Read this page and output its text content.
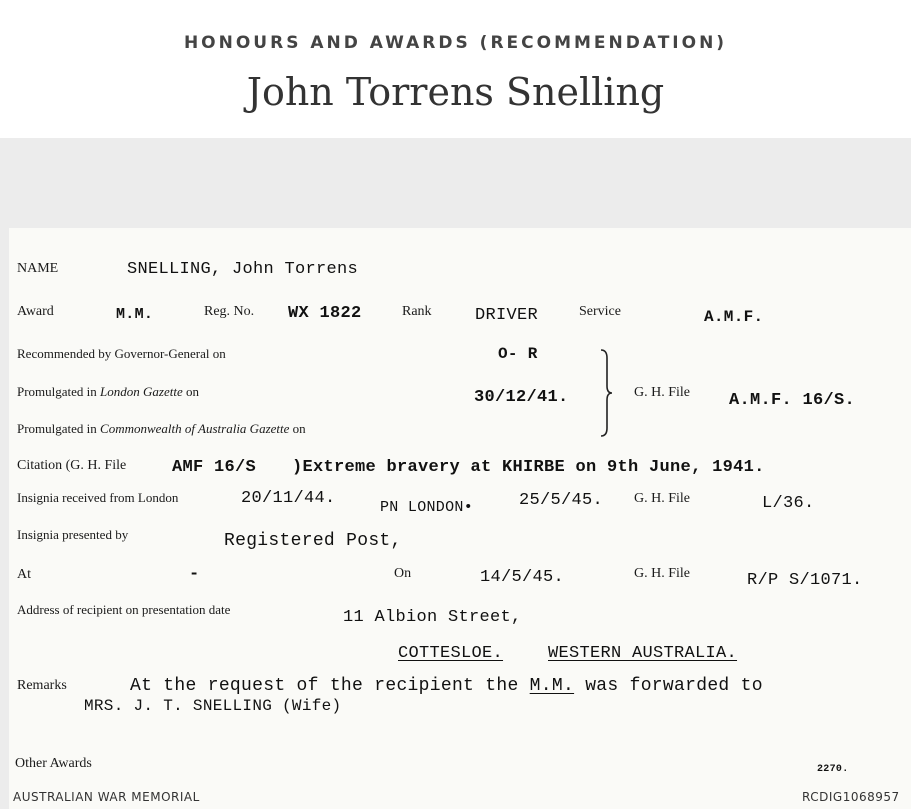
HONOURS AND AWARDS (RECOMMENDATION)
John Torrens Snelling
NAME	SNELLING, John Torrens
Award	M.M.	Reg. No. WX 1822	Rank	DRIVER	Service	A.M.F.
Recommended by Governor-General on	O- R
Promulgated in London Gazette on	30/12/41.	G. H. File A.M.F. 16/S.
Promulgated in Commonwealth of Australia Gazette on
Citation (G. H. File	AMF 16/S )Extreme bravery at KHIRBE on 9th June, 1941.
Insignia received from London	20/11/44.	PN LONDON•	25/5/45. G. H. File	L/36.
Insignia presented by	Registered Post,
At	-	On	14/5/45.	G. H. File	R/P S/1071.
Address of recipient on presentation date	11 Albion Street,
COTTESLOE.	WESTERN AUSTRALIA.
Remarks	At the request of the recipient the M.M. was forwarded to
MRS. J. T. SNELLING (Wife)
Other Awards	2270.
AUSTRALIAN WAR MEMORIAL	RCDIG1068957
